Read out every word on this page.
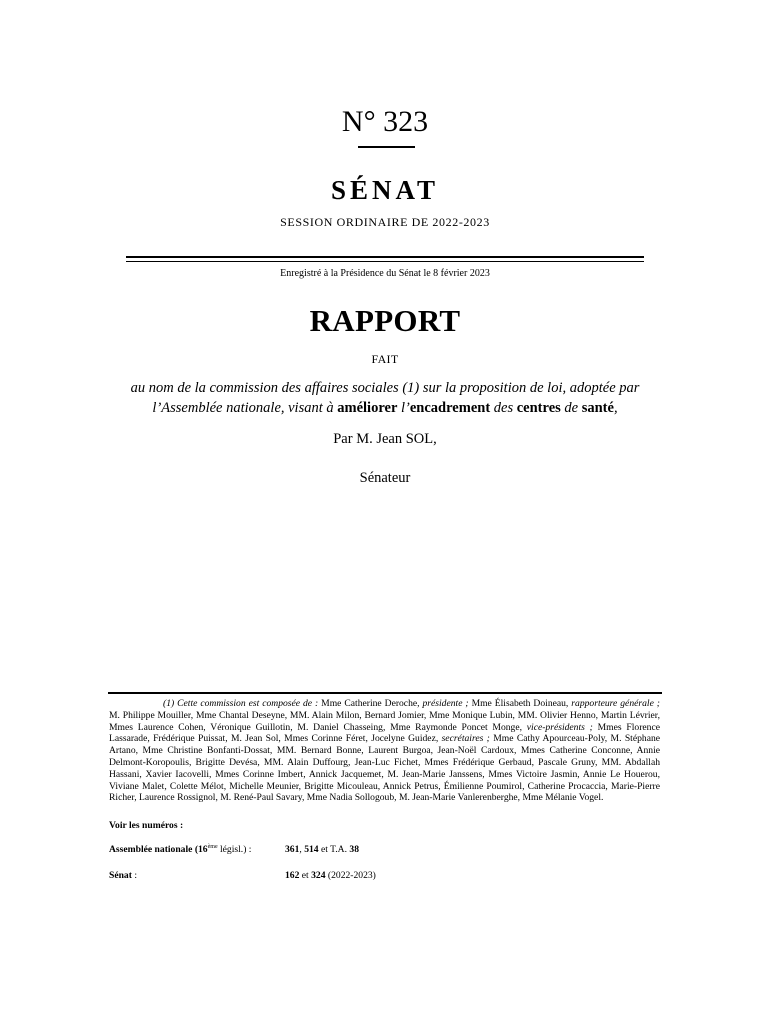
N° 323
SÉNAT
SESSION ORDINAIRE DE 2022-2023
Enregistré à la Présidence du Sénat le 8 février 2023
RAPPORT
FAIT
au nom de la commission des affaires sociales (1) sur la proposition de loi, adoptée par l’Assemblée nationale, visant à améliorer l’encadrement des centres de santé,
Par M. Jean SOL,
Sénateur
(1) Cette commission est composée de : Mme Catherine Deroche, présidente ; Mme Élisabeth Doineau, rapporteure générale ; M. Philippe Mouiller, Mme Chantal Deseyne, MM. Alain Milon, Bernard Jomier, Mme Monique Lubin, MM. Olivier Henno, Martin Lévrier, Mmes Laurence Cohen, Véronique Guillotin, M. Daniel Chasseing, Mme Raymonde Poncet Monge, vice-présidents ; Mmes Florence Lassarade, Frédérique Puissat, M. Jean Sol, Mmes Corinne Féret, Jocelyne Guidez, secrétaires ; Mme Cathy Apourceau-Poly, M. Stéphane Artano, Mme Christine Bonfanti-Dossat, MM. Bernard Bonne, Laurent Burgoa, Jean-Noël Cardoux, Mmes Catherine Conconne, Annie Delmont-Koropoulis, Brigitte Devésa, MM. Alain Duffourg, Jean-Luc Fichet, Mmes Frédérique Gerbaud, Pascale Gruny, MM. Abdallah Hassani, Xavier Iacovelli, Mmes Corinne Imbert, Annick Jacquemet, M. Jean-Marie Janssens, Mmes Victoire Jasmin, Annie Le Houerou, Viviane Malet, Colette Mélot, Michelle Meunier, Brigitte Micouleau, Annick Petrus, Émilienne Poumirol, Catherine Procaccia, Marie-Pierre Richer, Laurence Rossignol, M. René-Paul Savary, Mme Nadia Sollogoub, M. Jean-Marie Vanlerenberghe, Mme Mélanie Vogel.
Voir les numéros :
Assemblée nationale (16ème législ.) :	361, 514 et T.A. 38
Sénat :	162 et 324 (2022-2023)
